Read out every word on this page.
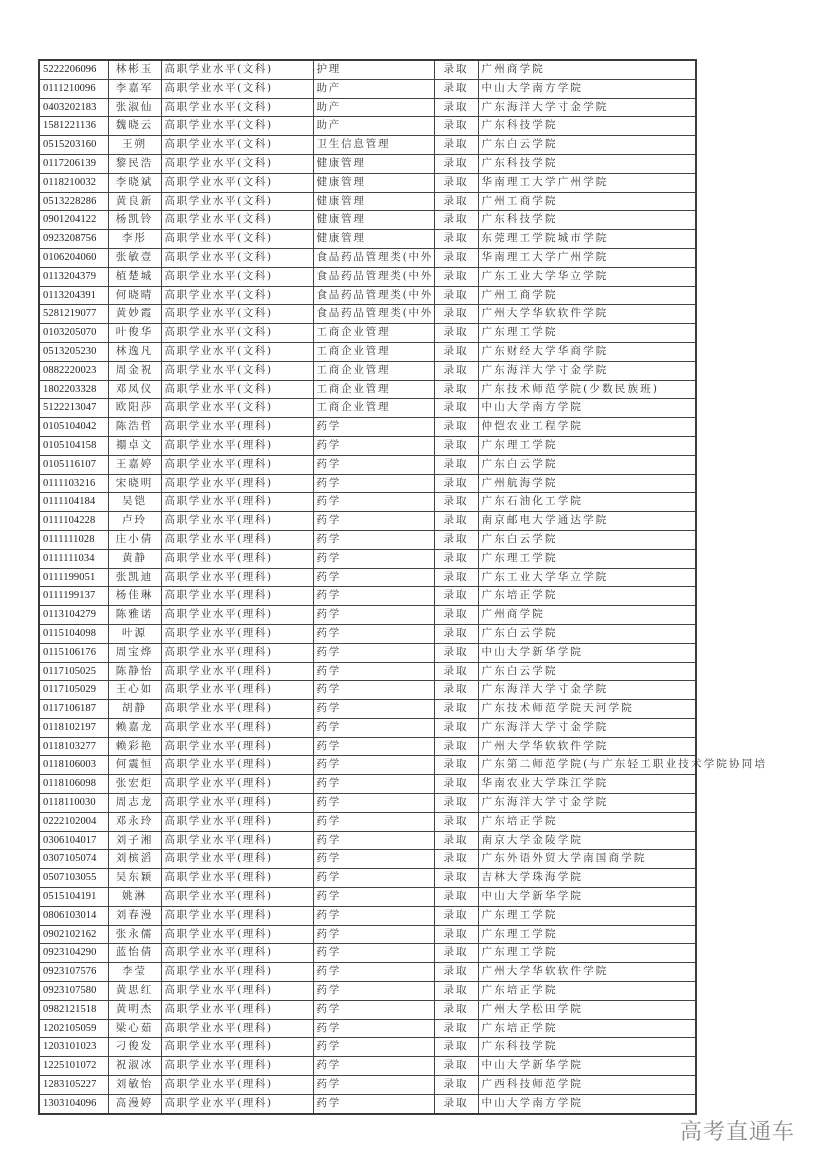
5222206096	林彬玉	高职学业水平(文科)	护理	录取	广州商学院
0111210096	李嘉军	高职学业水平(文科)	助产	录取	中山大学南方学院
0403202183	张淑仙	高职学业水平(文科)	助产	录取	广东海洋大学寸金学院
1581221136	魏晓云	高职学业水平(文科)	助产	录取	广东科技学院
0515203160	王朔	高职学业水平(文科)	卫生信息管理	录取	广东白云学院
0117206139	黎民浩	高职学业水平(文科)	健康管理	录取	广东科技学院
0118210032	李晓斌	高职学业水平(文科)	健康管理	录取	华南理工大学广州学院
0513228286	黄良新	高职学业水平(文科)	健康管理	录取	广州工商学院
0901204122	杨凯铃	高职学业水平(文科)	健康管理	录取	广东科技学院
0923208756	李彤	高职学业水平(文科)	健康管理	录取	东莞理工学院城市学院
0106204060	张敏壹	高职学业水平(文科)	食品药品管理类(中外	录取	华南理工大学广州学院
0113204379	植楚城	高职学业水平(文科)	食品药品管理类(中外	录取	广东工业大学华立学院
0113204391	何晓晴	高职学业水平(文科)	食品药品管理类(中外	录取	广州工商学院
5281219077	黄妙霞	高职学业水平(文科)	食品药品管理类(中外	录取	广州大学华软软件学院
0103205070	叶俊华	高职学业水平(文科)	工商企业管理	录取	广东理工学院
0513205230	林逸凡	高职学业水平(文科)	工商企业管理	录取	广东财经大学华商学院
0882220023	周金祝	高职学业水平(文科)	工商企业管理	录取	广东海洋大学寸金学院
1802203328	邓凤仪	高职学业水平(文科)	工商企业管理	录取	广东技术师范学院(少数民族班)
5122213047	欧阳莎	高职学业水平(文科)	工商企业管理	录取	中山大学南方学院
0105104042	陈浩哲	高职学业水平(理科)	药学	录取	仲恺农业工程学院
0105104158	禤卓文	高职学业水平(理科)	药学	录取	广东理工学院
0105116107	王嘉婷	高职学业水平(理科)	药学	录取	广东白云学院
0111103216	宋晓明	高职学业水平(理科)	药学	录取	广州航海学院
0111104184	吴铠	高职学业水平(理科)	药学	录取	广东石油化工学院
0111104228	卢玲	高职学业水平(理科)	药学	录取	南京邮电大学通达学院
0111111028	庄小倩	高职学业水平(理科)	药学	录取	广东白云学院
0111111034	黄静	高职学业水平(理科)	药学	录取	广东理工学院
0111199051	张凯迪	高职学业水平(理科)	药学	录取	广东工业大学华立学院
0111199137	杨佳琳	高职学业水平(理科)	药学	录取	广东培正学院
0113104279	陈雅诺	高职学业水平(理科)	药学	录取	广州商学院
0115104098	叶源	高职学业水平(理科)	药学	录取	广东白云学院
0115106176	周宝烨	高职学业水平(理科)	药学	录取	中山大学新华学院
0117105025	陈静怡	高职学业水平(理科)	药学	录取	广东白云学院
0117105029	王心如	高职学业水平(理科)	药学	录取	广东海洋大学寸金学院
0117106187	胡静	高职学业水平(理科)	药学	录取	广东技术师范学院天河学院
0118102197	赖嘉龙	高职学业水平(理科)	药学	录取	广东海洋大学寸金学院
0118103277	赖彩艳	高职学业水平(理科)	药学	录取	广州大学华软软件学院
0118106003	何震恒	高职学业水平(理科)	药学	录取	广东第二师范学院(与广东轻工职业技术学院协同培
0118106098	张宏炬	高职学业水平(理科)	药学	录取	华南农业大学珠江学院
0118110030	周志龙	高职学业水平(理科)	药学	录取	广东海洋大学寸金学院
0222102004	邓永玲	高职学业水平(理科)	药学	录取	广东培正学院
0306104017	刘子湘	高职学业水平(理科)	药学	录取	南京大学金陵学院
0307105074	刘槟滔	高职学业水平(理科)	药学	录取	广东外语外贸大学南国商学院
0507103055	吴东颖	高职学业水平(理科)	药学	录取	吉林大学珠海学院
0515104191	姚淋	高职学业水平(理科)	药学	录取	中山大学新华学院
0806103014	刘春漫	高职学业水平(理科)	药学	录取	广东理工学院
0902102162	张永儒	高职学业水平(理科)	药学	录取	广东理工学院
0923104290	蓝怡倩	高职学业水平(理科)	药学	录取	广东理工学院
0923107576	李莹	高职学业水平(理科)	药学	录取	广州大学华软软件学院
0923107580	黄思红	高职学业水平(理科)	药学	录取	广东培正学院
0982121518	黄明杰	高职学业水平(理科)	药学	录取	广州大学松田学院
1202105059	梁心茹	高职学业水平(理科)	药学	录取	广东培正学院
1203101023	刁俊发	高职学业水平(理科)	药学	录取	广东科技学院
1225101072	祝淑冰	高职学业水平(理科)	药学	录取	中山大学新华学院
1283105227	刘敏怡	高职学业水平(理科)	药学	录取	广西科技师范学院
1303104096	高漫婷	高职学业水平(理科)	药学	录取	中山大学南方学院
高考直通车
